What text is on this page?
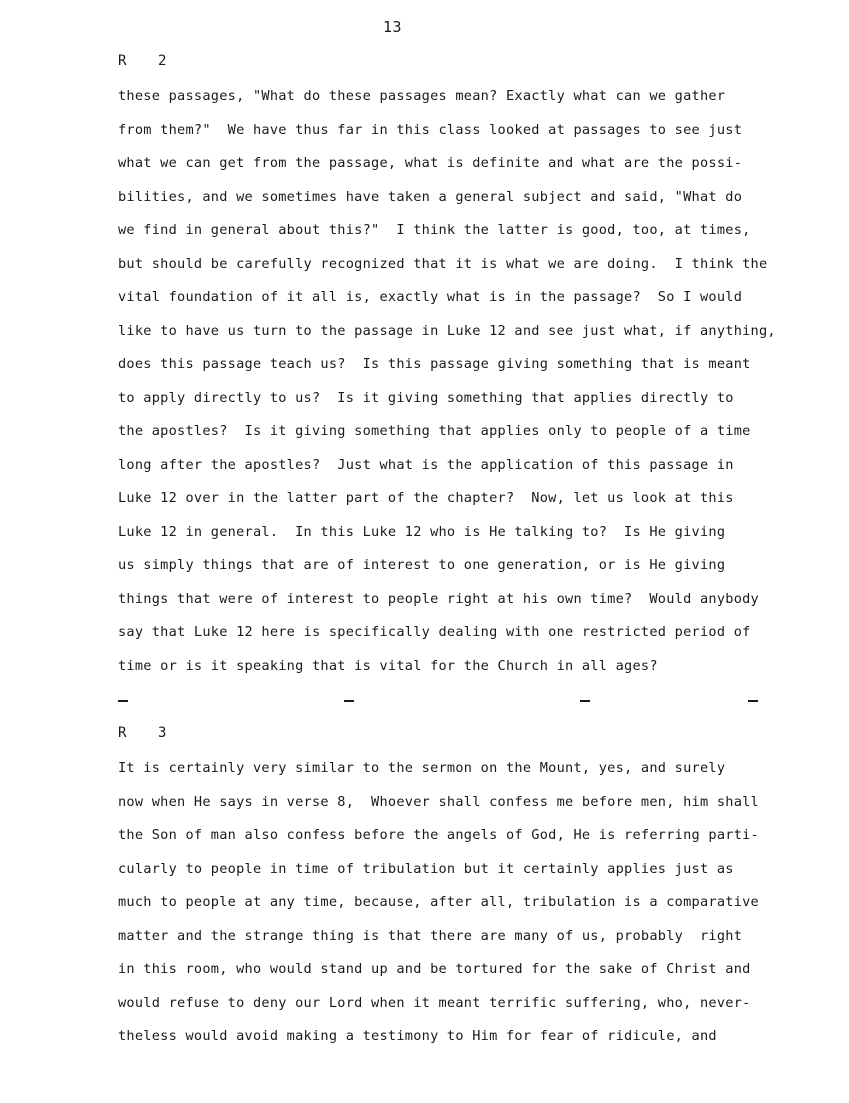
13
R 2
these passages, "What do these passages mean? Exactly what can we gather
from them?"  We have thus far in this class looked at passages to see just
what we can get from the passage, what is definite and what are the possi-
bilities, and we sometimes have taken a general subject and said, "What do
we find in general about this?"  I think the latter is good, too, at times,
but should be carefully recognized that it is what we are doing.  I think the
vital foundation of it all is, exactly what is in the passage?  So I would
like to have us turn to the passage in Luke 12 and see just what, if anything,
does this passage teach us?  Is this passage giving something that is meant
to apply directly to us?  Is it giving something that applies directly to
the apostles?  Is it giving something that applies only to people of a time
long after the apostles?  Just what is the application of this passage in
Luke 12 over in the latter part of the chapter?  Now, let us look at this
Luke 12 in general.  In this Luke 12 who is He talking to?  Is He giving
us simply things that are of interest to one generation, or is He giving
things that were of interest to people right at his own time?  Would anybody
say that Luke 12 here is specifically dealing with one restricted period of
time or is it speaking that is vital for the Church in all ages?
R 3
It is certainly very similar to the sermon on the Mount, yes, and surely
now when He says in verse 8,  Whoever shall confess me before men, him shall
the Son of man also confess before the angels of God, He is referring parti-
cularly to people in time of tribulation but it certainly applies just as
much to people at any time, because, after all, tribulation is a comparative
matter and the strange thing is that there are many of us, probably  right
in this room, who would stand up and be tortured for the sake of Christ and
would refuse to deny our Lord when it meant terrific suffering, who, never-
theless would avoid making a testimony to Him for fear of ridicule, and
